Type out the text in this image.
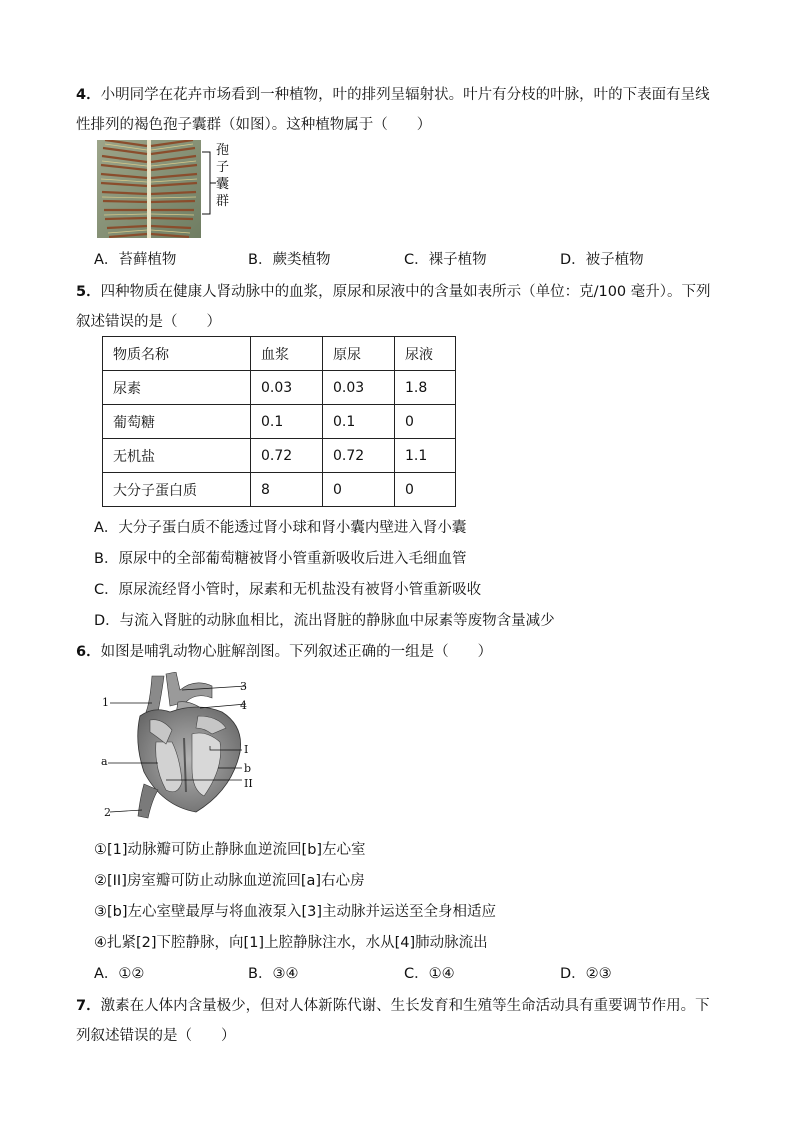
4．小明同学在花卉市场看到一种植物，叶的排列呈辐射状。叶片有分枝的叶脉，叶的下表面有呈线
性排列的褐色孢子囊群（如图）。这种植物属于（　　）
孢子囊群
A．苔藓植物	B．蕨类植物	C．裸子植物	D．被子植物
5．四种物质在健康人肾动脉中的血浆，原尿和尿液中的含量如表所示（单位：克/100 毫升）。下列
叙述错误的是（　　）
物质名称	血浆	原尿	尿液
尿素	0.03	0.03	1.8
葡萄糖	0.1	0.1	0
无机盐	0.72	0.72	1.1
大分子蛋白质	8	0	0
A．大分子蛋白质不能透过肾小球和肾小囊内壁进入肾小囊
B．原尿中的全部葡萄糖被肾小管重新吸收后进入毛细血管
C．原尿流经肾小管时，尿素和无机盐没有被肾小管重新吸收
D．与流入肾脏的动脉血相比，流出肾脏的静脉血中尿素等废物含量减少
6．如图是哺乳动物心脏解剖图。下列叙述正确的一组是（　　）
1
3
4
a
I
b
II
2
①[1]动脉瓣可防止静脉血逆流回[b]左心室
②[II]房室瓣可防止动脉血逆流回[a]右心房
③[b]左心室壁最厚与将血液泵入[3]主动脉并运送至全身相适应
④扎紧[2]下腔静脉，向[1]上腔静脉注水，水从[4]肺动脉流出
A．①②	B．③④	C．①④	D．②③
7．激素在人体内含量极少，但对人体新陈代谢、生长发育和生殖等生命活动具有重要调节作用。下
列叙述错误的是（　　）
